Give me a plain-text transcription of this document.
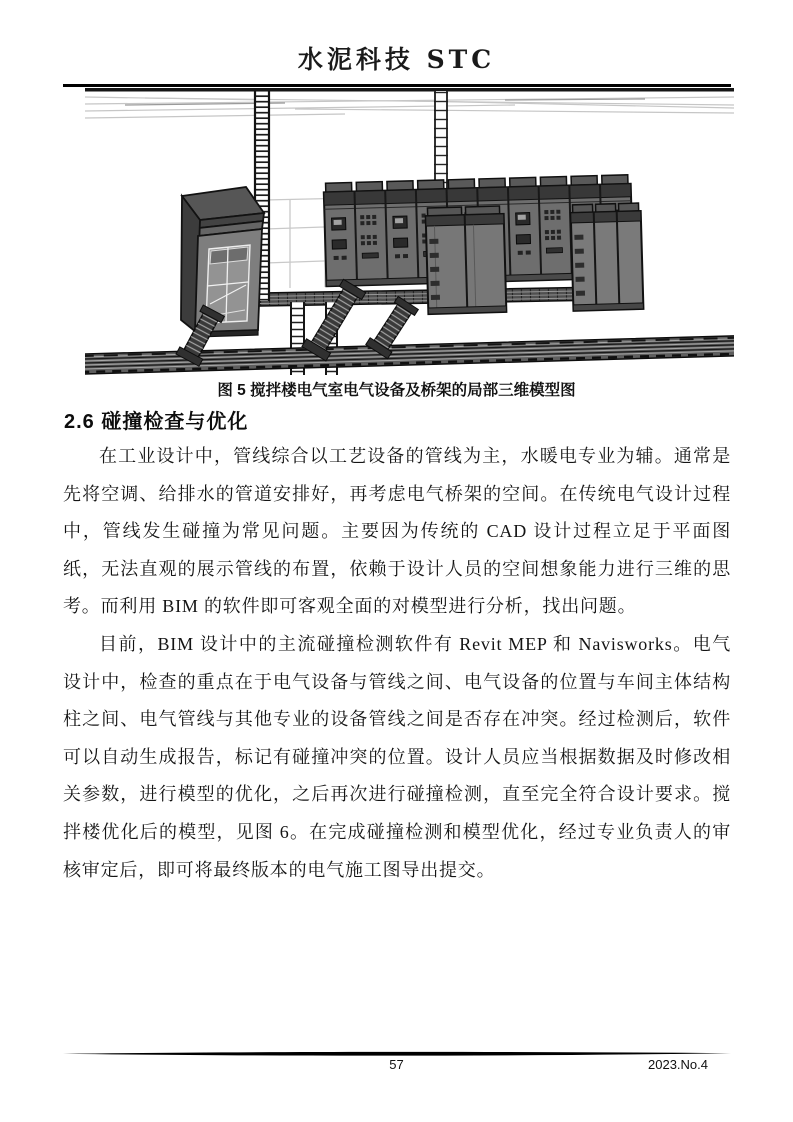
水泥科技 STC
图 5 搅拌楼电气室电气设备及桥架的局部三维模型图
2.6 碰撞检查与优化

在工业设计中，管线综合以工艺设备的管线为主，水暖电专业为辅。通常是先将空调、给排水的管道安排好，再考虑电气桥架的空间。在传统电气设计过程中，管线发生碰撞为常见问题。主要因为传统的 CAD 设计过程立足于平面图纸，无法直观的展示管线的布置，依赖于设计人员的空间想象能力进行三维的思考。而利用 BIM 的软件即可客观全面的对模型进行分析，找出问题。

目前，BIM 设计中的主流碰撞检测软件有 Revit MEP 和 Navisworks。电气设计中，检查的重点在于电气设备与管线之间、电气设备的位置与车间主体结构柱之间、电气管线与其他专业的设备管线之间是否存在冲突。经过检测后，软件可以自动生成报告，标记有碰撞冲突的位置。设计人员应当根据数据及时修改相关参数，进行模型的优化，之后再次进行碰撞检测，直至完全符合设计要求。搅拌楼优化后的模型，见图 6。在完成碰撞检测和模型优化，经过专业负责人的审核审定后，即可将最终版本的电气施工图导出提交。

57	2023.No.4
